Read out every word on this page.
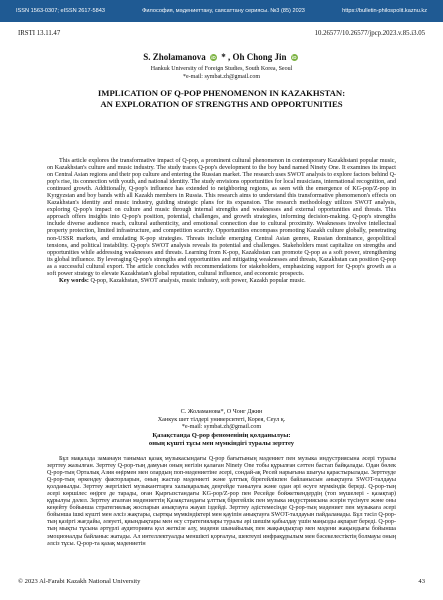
ISSN 1563-0307; eISSN 2617-5843	Философия, мәдениеттану, саясаттану сериясы. №3 (85) 2023	https://bulletin-philospolit.kaznu.kz
IRSTI 13.11.47	10.26577/10.26577/jpcp.2023.v.85.i3.05
S. Zholamanova iD * , Oh Chong Jin iD
Hankuk University of Foreign Studies, South Korea, Seoul
*e-mail: symbat.zh@gmail.com
IMPLICATION OF Q-POP PHENOMENON IN KAZAKHSTAN:
AN EXPLORATION OF STRENGTHS AND OPPORTUNITIES

This article explores the transformative impact of Q-pop, a prominent cultural phenomenon in contemporary Kazakhstani popular music, on Kazakhstan's culture and music industry. The study traces Q-pop's development to the boy band named Ninety One. It examines its impact on Central Asian regions and their pop culture and entering the Russian market. The research uses SWOT analysis to explore factors behind Q-pop's rise, its connection with youth, and national identity. The study envisions opportunities for local musicians, international recognition, and continued growth. Additionally, Q-pop's influence has extended to neighboring regions, as seen with the emergence of KG-pop/Z-pop in Kyrgyzstan and boy bands with all Kazakh members in Russia. This research aims to understand this transformative phenomenon's effects on Kazakhstan's identity and music industry, guiding strategic plans for its expansion. The research methodology utilizes SWOT analysis, exploring Q-pop's impact on culture and music through internal strengths and weaknesses and external opportunities and threats. This approach offers insights into Q-pop's position, potential, challenges, and growth strategies, informing decision-making. Q-pop's strengths include diverse audience reach, cultural authenticity, and emotional connection due to cultural proximity. Weaknesses involve intellectual property protection, limited infrastructure, and competition scarcity. Opportunities encompass promoting Kazakh culture globally, penetrating non-USSR markets, and emulating K-pop strategies. Threats include emerging Central Asian genres, Russian dominance, geopolitical tensions, and political instability. Q-pop's SWOT analysis reveals its potential and challenges. Stakeholders must capitalize on strengths and opportunities while addressing weaknesses and threats. Learning from K-pop, Kazakhstan can promote Q-pop as a soft power, strengthening its global influence. By leveraging Q-pop's strengths and opportunities and mitigating weaknesses and threats, Kazakhstan can position Q-pop as a successful cultural export. The article concludes with recommendations for stakeholders, emphasizing support for Q-pop's growth as a soft power strategy to elevate Kazakhstan's global reputation, cultural influence, and economic prospects.

Key words: Q-pop, Kazakhstan, SWOT analysis, music industry, soft power, Kazakh popular music.

С. Жоламанова*, О Чонг Джин
Ханкук шет тілдері университеті, Корея, Сеул қ.
*e-mail: symbat.zh@gmail.com
Қазақстанда Q-pop феноменінің қолданылуы:
оның күшті тұсы мен мүмкіндігі туралы зерттеу

Бұл мақалада заманауи танымал қазақ музыкасындағы Q-pop бағытының мәдениет пен музыка индустриясына әсері туралы зерттеу жазылған. Зерттеу Q-pop-тың дамуын оның негізін қалаған Ninety One тобы құрылған сәттен бастап байқалады. Одан бөлек Q-pop-тың Орталық Азия өңірмен мен олардың поп-мәдениетіне әсері, сондай-ақ Ресей нарығына шығуы қарастырылады. Зерттеуде Q-pop-тың өркендеу факторларын, оның жастар мәдениеті және ұлттық бірегейлікпен байланысын анықтауға SWOT-талдауы қолданылды. Зерттеу жергілікті музыканттарға халықаралық деңгейде танылуға және одан әрі өсуге мүмкіндік береді. Q-pop-тың әсері көршілес өңірге де тарады, оған Қырғызстандағы KG-pop/Z-pop пен Ресейде бойжеткендердің (топ мүшелері - қазақтар) құрылуы дәлел. Зерттеу аталған мәдениеттің Қазақстандағы ұлттық бірегейлік пен музыка индустриясына әсерін түсінуге және оны кеңейту бойынша стратегиялық жоспарын анықтауға жауап іздейді. Зерттеу әдістемесінде Q-pop-тың мәдениет пен музыкаға әсері бойынша ішкі күшті мен әлсіз жақтары, сыртқы мүмкіндіктері мен қауіпін анықтауға SWOT-талдауын пайдаланады. Бұл тәсіл Q-pop-тың қазіргі жағдайы, әлеуеті, қиындықтары мен өсу стратегиялары туралы әрі шешім қабылдау үшін маңызды ақпарат береді. Q-pop-тың мықты тұсына әртүрлі аудиторияға қол жеткізе алу, мәдени шынайылық пен жақындықтар мен мәдени жақындығы бойынша эмоционалды байланыс жатады. Ал интеллектуалды меншікті қорғалуы, шектеулі инфрақұрылым мен бәсекелестіктің болмауы оның әлсіз тұсы. Q-pop-та қазақ мәдениетін

© 2023 Al-Farabi Kazakh National University	43
